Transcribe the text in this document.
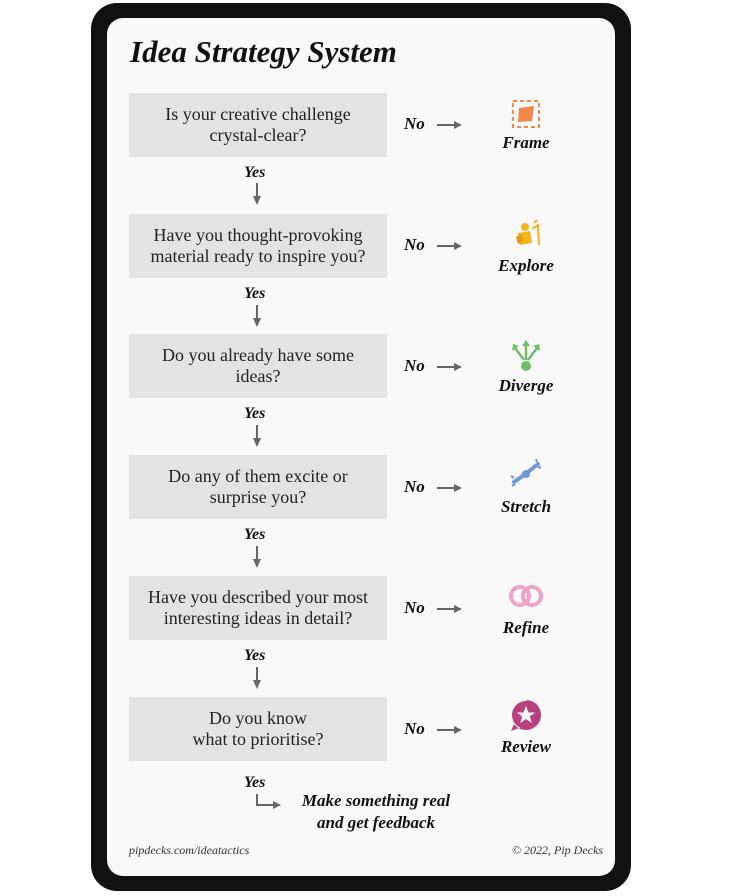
Idea Strategy System
Is your creative challenge
crystal-clear?
No
Frame
Yes
Have you thought-provoking
material ready to inspire you?
No
Explore
Yes
Do you already have some
ideas?
No
Diverge
Yes
Do any of them excite or
surprise you?
No
Stretch
Yes
Have you described your most
interesting ideas in detail?
No
Refine
Yes
Do you know
what to prioritise?
No
Review
Yes
Make something real
and get feedback
pipdecks.com/ideatactics	© 2022, Pip Decks
